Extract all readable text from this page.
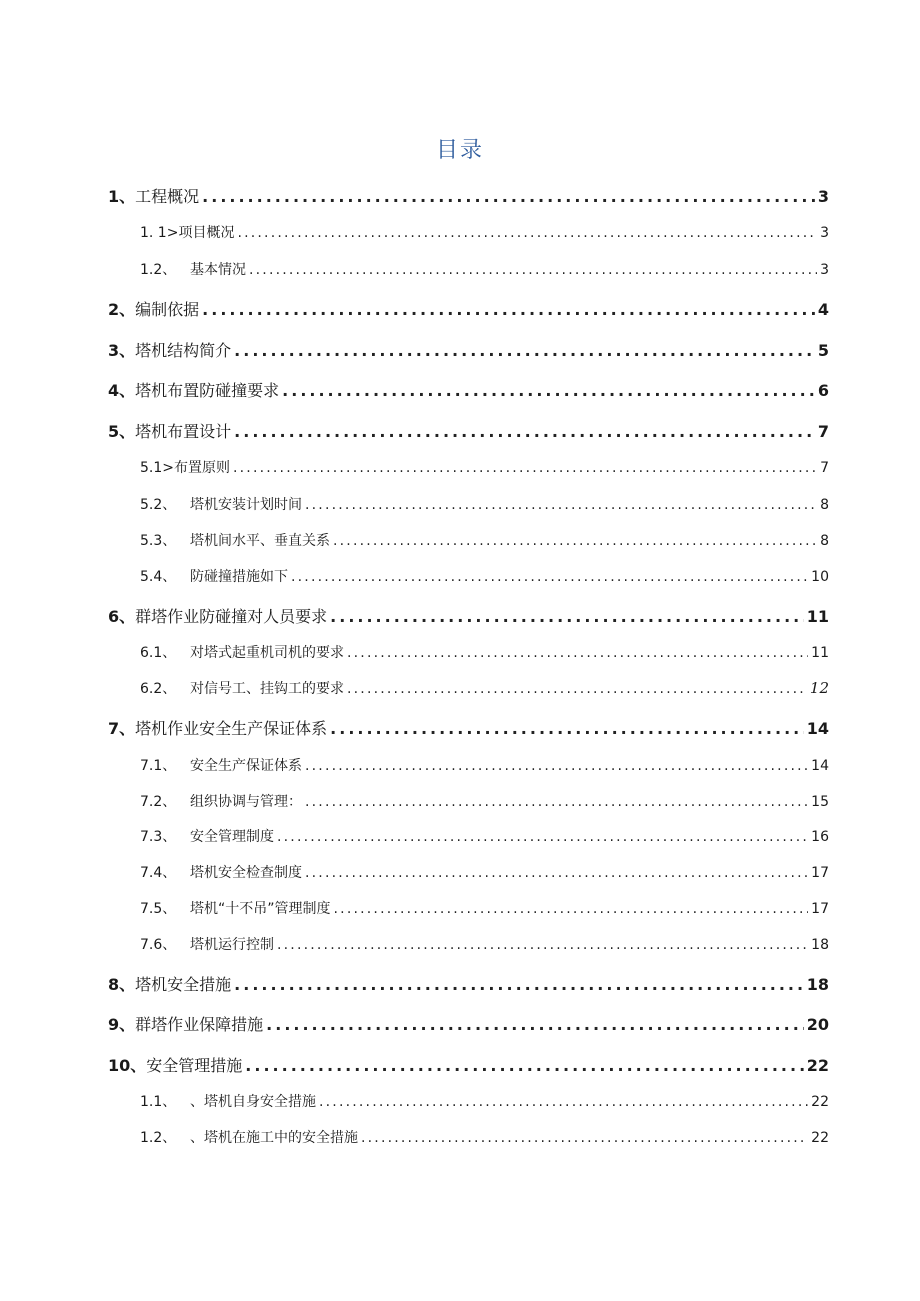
目录
1、 工程概况 .....	3
1. 1> 项目概况 .....	3
1.2、 基本情况 .....	3
2、 编制依据 .....	4
3、 塔机结构简介 .....	5
4、 塔机布置防碰撞要求 .....	6
5、 塔机布置设计 .....	7
5.1> 布置原则 .....	7
5.2、 塔机安装计划时间 .....	8
5.3、 塔机间水平、垂直关系 .....	8
5.4、 防碰撞措施如下 .....	10
6、 群塔作业防碰撞对人员要求 .....	11
6.1、 对塔式起重机司机的要求 .....	11
6.2、 对信号工、挂钩工的要求 .....	12
7、 塔机作业安全生产保证体系 .....	14
7.1、 安全生产保证体系 .....	14
7.2、 组织协调与管理： .....	15
7.3、 安全管理制度 .....	16
7.4、 塔机安全检查制度 .....	17
7.5、 塔机“十不吊”管理制度 .....	17
7.6、 塔机运行控制 .....	18
8、 塔机安全措施 .....	18
9、 群塔作业保障措施 .....	20
10、 安全管理措施 .....	22
1.1、 、塔机自身安全措施 .....	22
1.2、 、塔机在施工中的安全措施 .....	22
